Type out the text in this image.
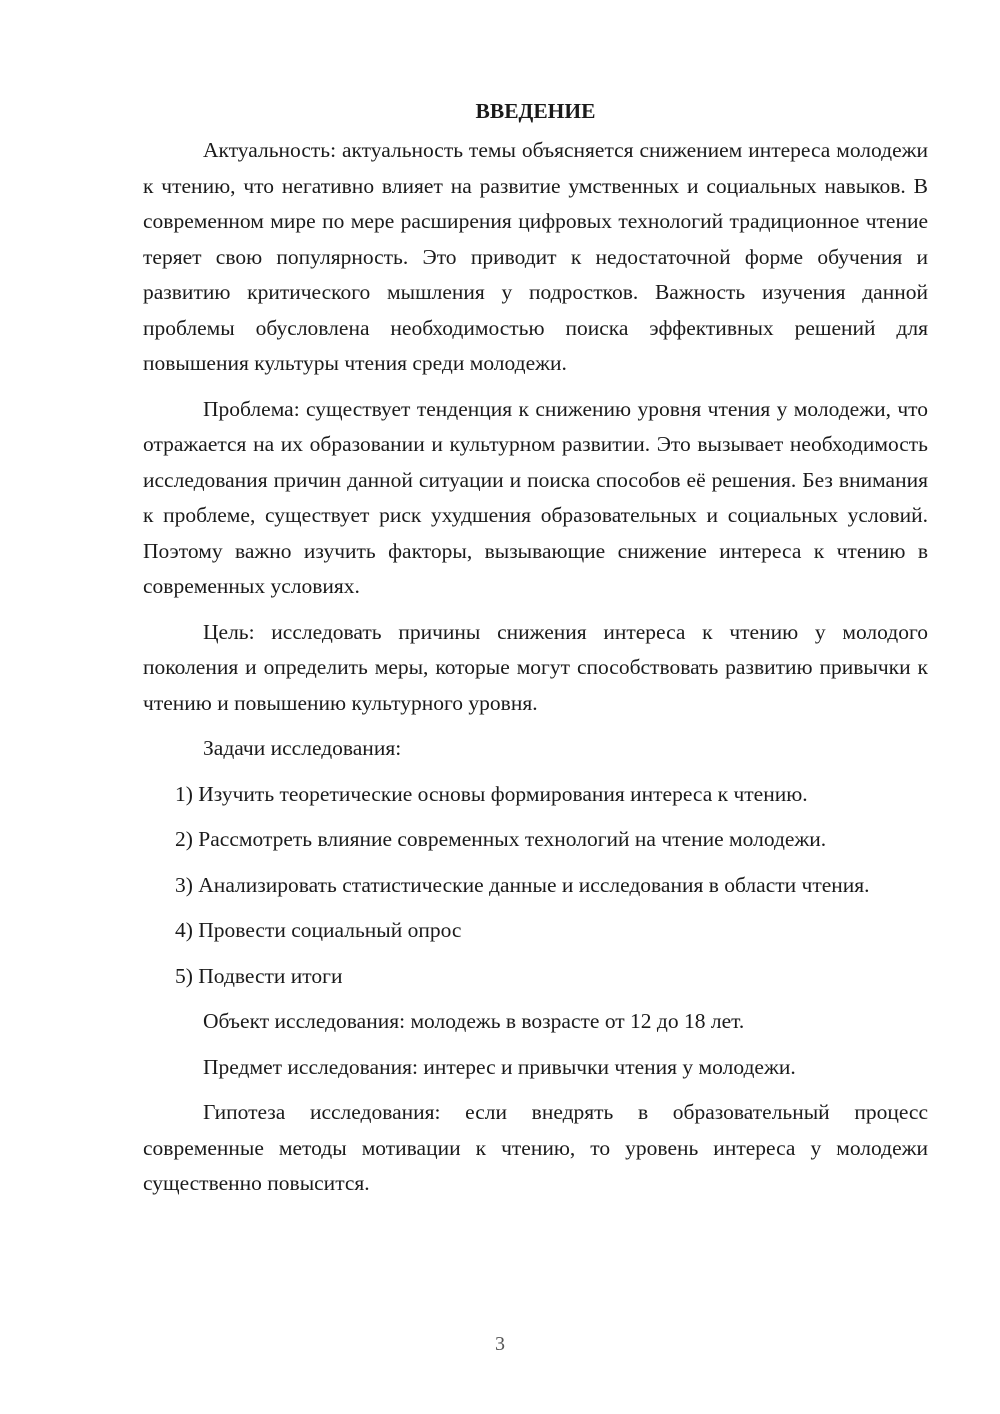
ВВЕДЕНИЕ

Актуальность: актуальность темы объясняется снижением интереса молодежи к чтению, что негативно влияет на развитие умственных и социальных навыков. В современном мире по мере расширения цифровых технологий традиционное чтение теряет свою популярность. Это приводит к недостаточной форме обучения и развитию критического мышления у подростков. Важность изучения данной проблемы обусловлена необходимостью поиска эффективных решений для повышения культуры чтения среди молодежи.

Проблема: существует тенденция к снижению уровня чтения у молодежи, что отражается на их образовании и культурном развитии. Это вызывает необходимость исследования причин данной ситуации и поиска способов её решения. Без внимания к проблеме, существует риск ухудшения образовательных и социальных условий. Поэтому важно изучить факторы, вызывающие снижение интереса к чтению в современных условиях.

Цель: исследовать причины снижения интереса к чтению у молодого поколения и определить меры, которые могут способствовать развитию привычки к чтению и повышению культурного уровня.

Задачи исследования:

1) Изучить теоретические основы формирования интереса к чтению.

2) Рассмотреть влияние современных технологий на чтение молодежи.

3) Анализировать статистические данные и исследования в области чтения.

4) Провести социальный опрос

5) Подвести итоги

Объект исследования: молодежь в возрасте от 12 до 18 лет.

Предмет исследования: интерес и привычки чтения у молодежи.

Гипотеза исследования: если внедрять в образовательный процесс современные методы мотивации к чтению, то уровень интереса у молодежи существенно повысится.

3
